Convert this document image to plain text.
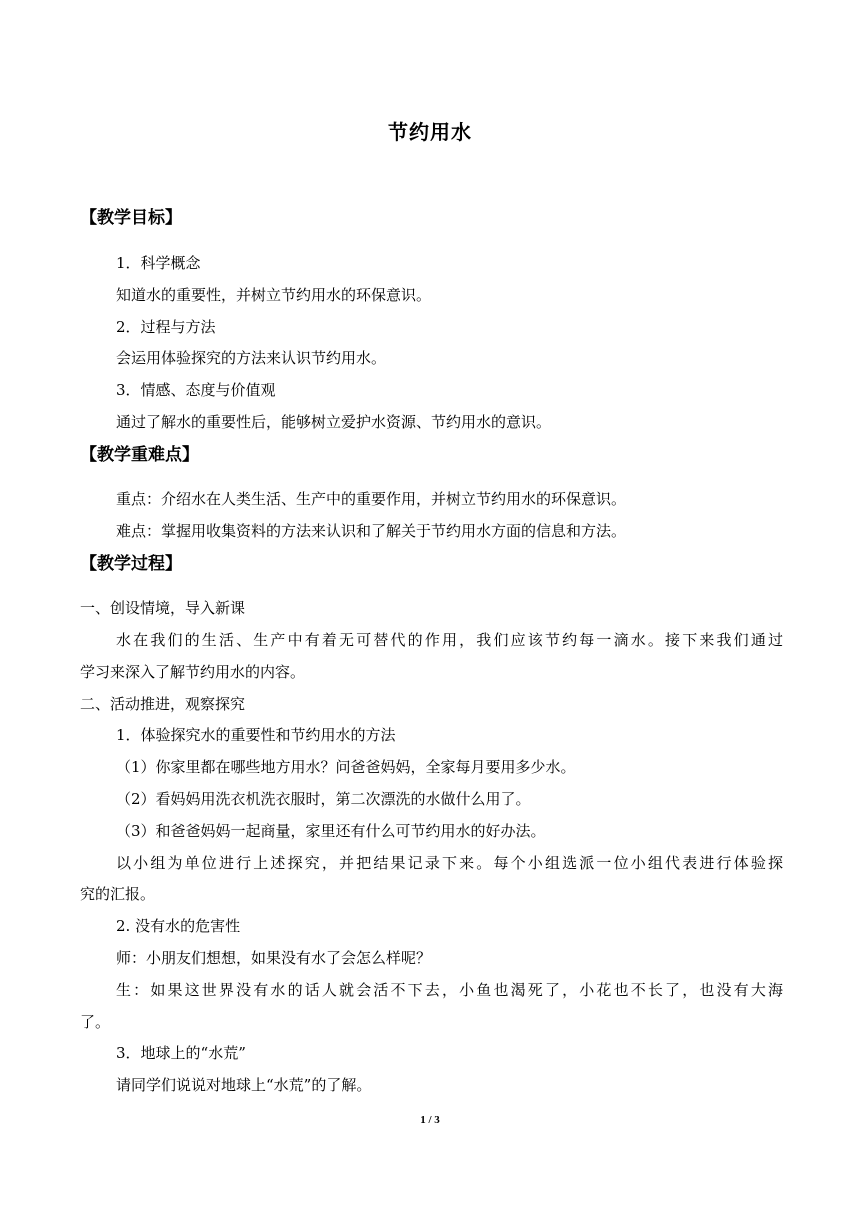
节约用水
【教学目标】
1．科学概念
知道水的重要性，并树立节约用水的环保意识。
2．过程与方法
会运用体验探究的方法来认识节约用水。
3．情感、态度与价值观
通过了解水的重要性后，能够树立爱护水资源、节约用水的意识。
【教学重难点】
重点：介绍水在人类生活、生产中的重要作用，并树立节约用水的环保意识。
难点：掌握用收集资料的方法来认识和了解关于节约用水方面的信息和方法。
【教学过程】
一、创设情境，导入新课
水在我们的生活、生产中有着无可替代的作用，我们应该节约每一滴水。接下来我们通过
学习来深入了解节约用水的内容。
二、活动推进，观察探究
1．体验探究水的重要性和节约用水的方法
（1）你家里都在哪些地方用水？问爸爸妈妈，全家每月要用多少水。
（2）看妈妈用洗衣机洗衣服时，第二次漂洗的水做什么用了。
（3）和爸爸妈妈一起商量，家里还有什么可节约用水的好办法。
以小组为单位进行上述探究，并把结果记录下来。每个小组选派一位小组代表进行体验探
究的汇报。
2. 没有水的危害性
师：小朋友们想想，如果没有水了会怎么样呢？
生：如果这世界没有水的话人就会活不下去，小鱼也渴死了，小花也不长了，也没有大海
了。
3．地球上的“水荒”
请同学们说说对地球上“水荒”的了解。
1 / 3
